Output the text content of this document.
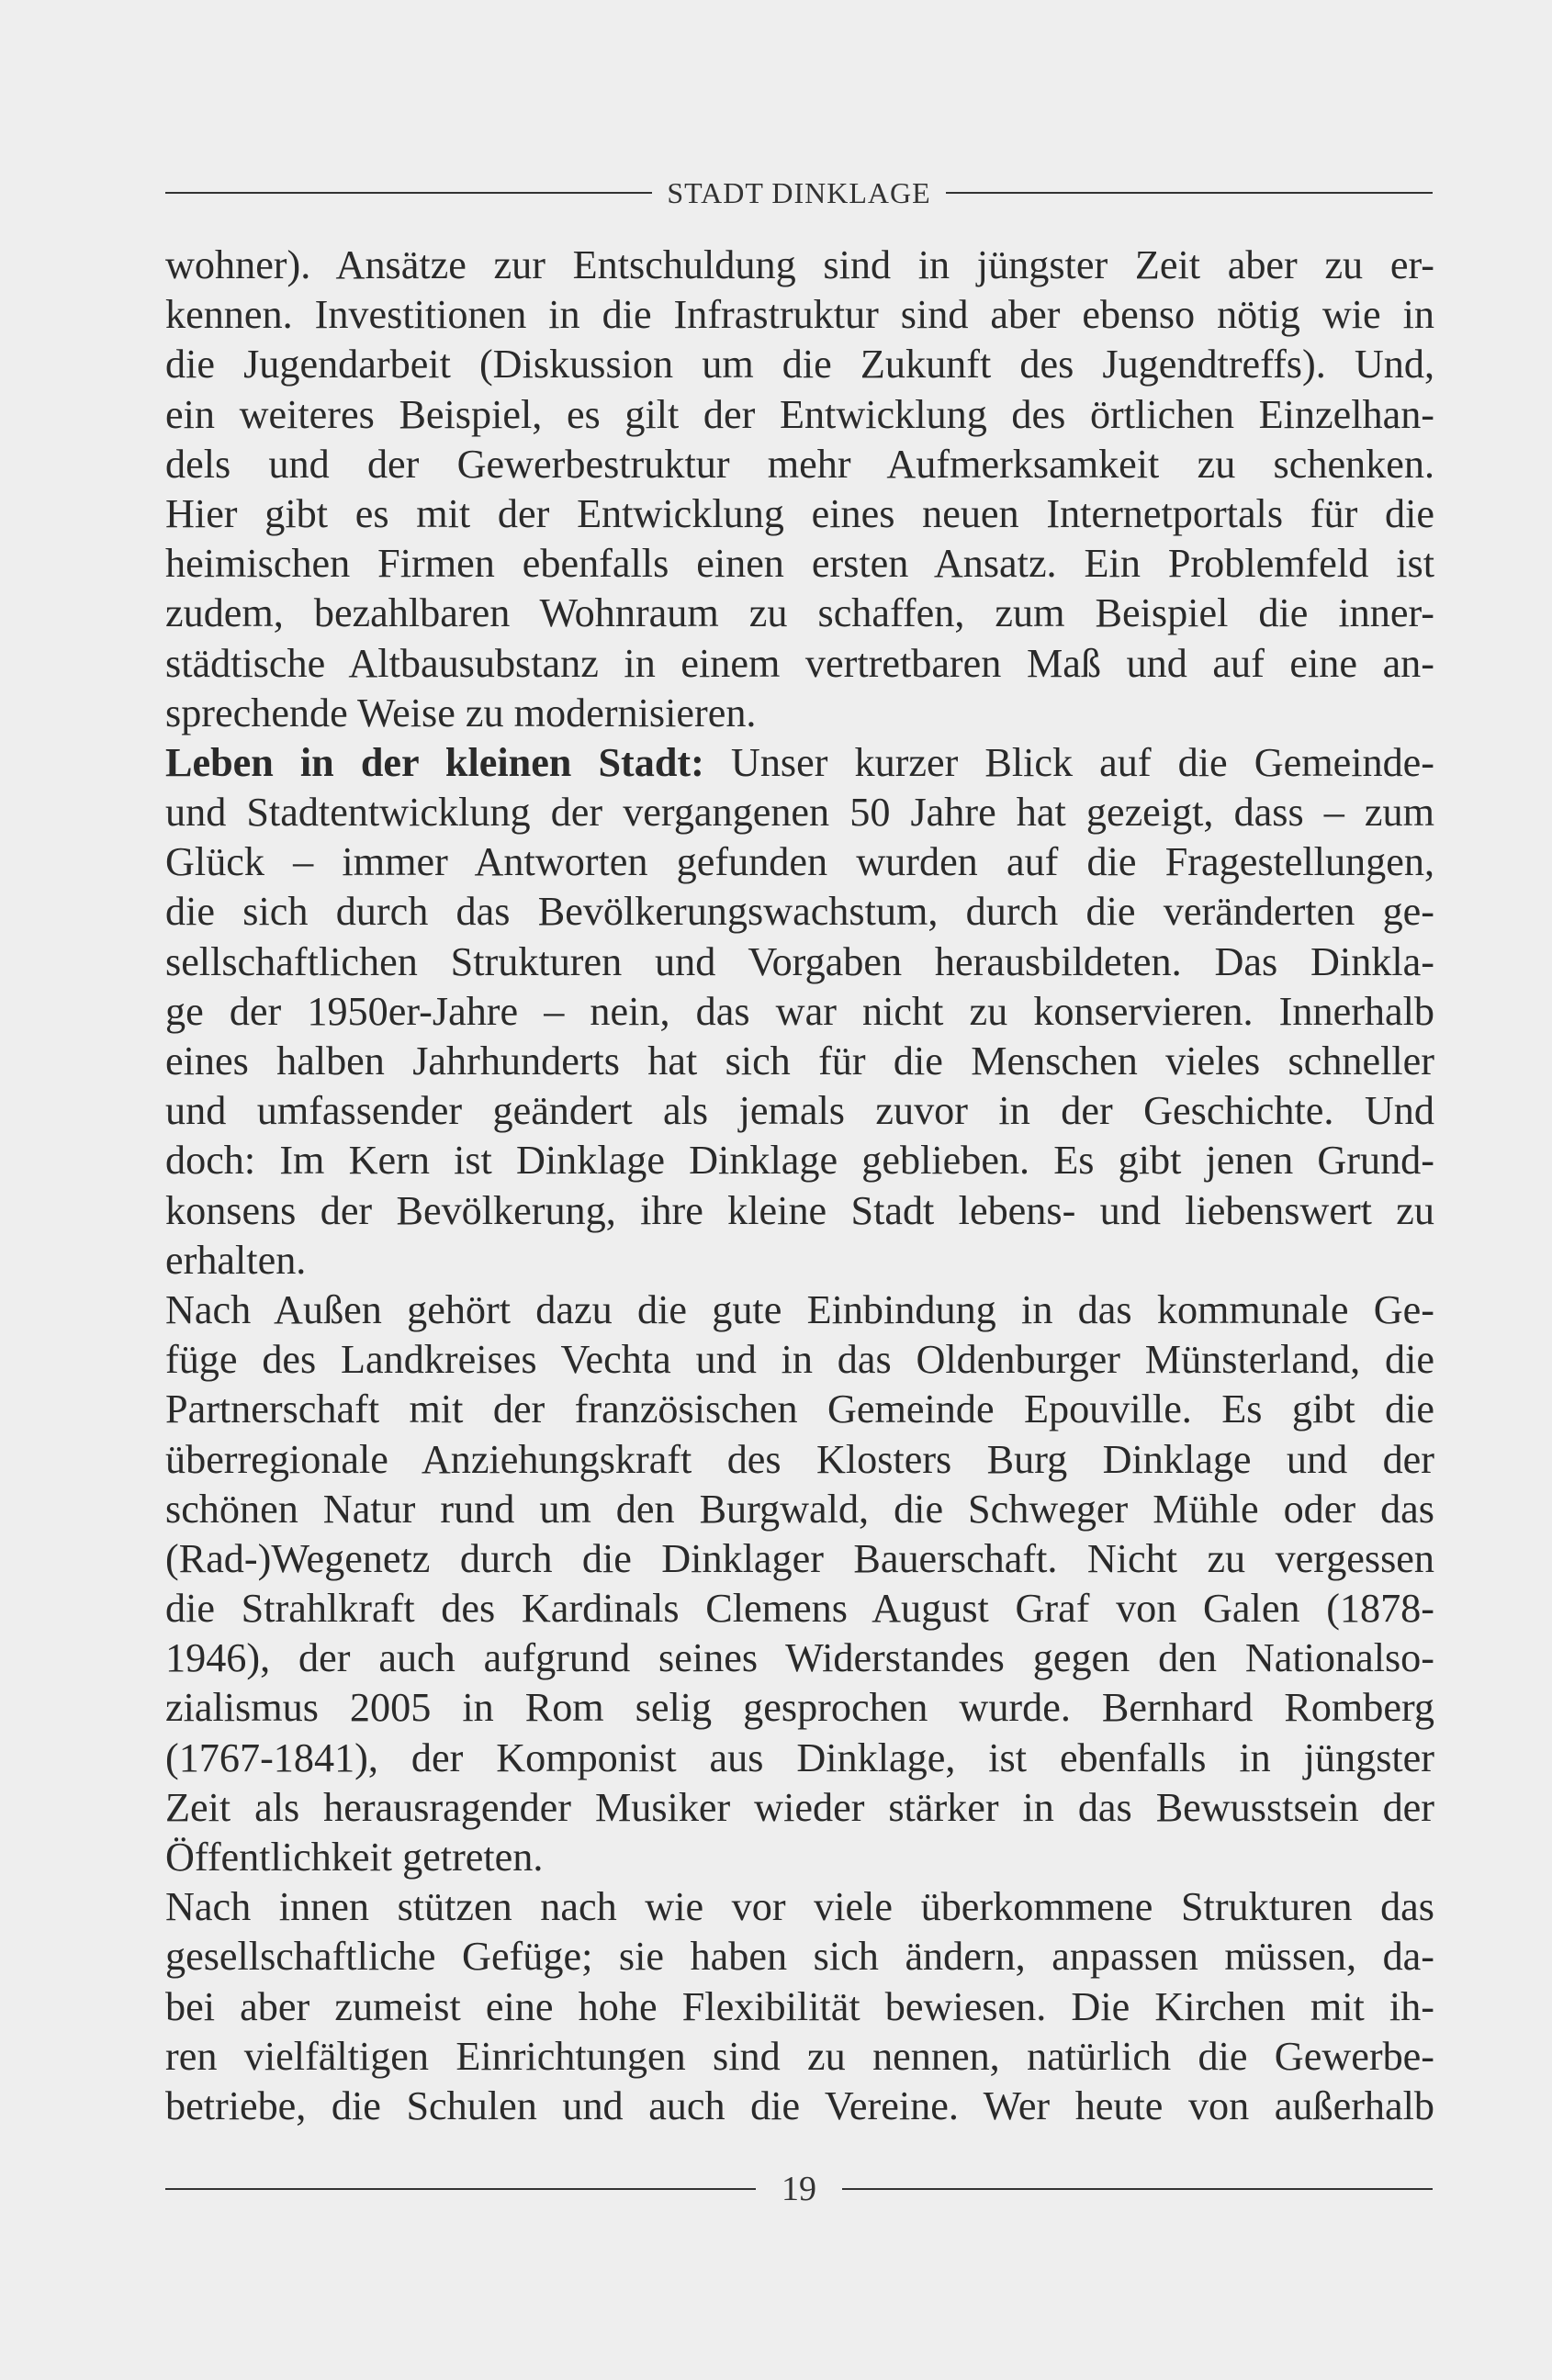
STADT DINKLAGE
wohner). Ansätze zur Entschuldung sind in jüngster Zeit aber zu er-
kennen. Investitionen in die Infrastruktur sind aber ebenso nötig wie in
die Jugendarbeit (Diskussion um die Zukunft des Jugendtreffs). Und,
ein weiteres Beispiel, es gilt der Entwicklung des örtlichen Einzelhan-
dels und der Gewerbestruktur mehr Aufmerksamkeit zu schenken.
Hier gibt es mit der Entwicklung eines neuen Internetportals für die
heimischen Firmen ebenfalls einen ersten Ansatz. Ein Problemfeld ist
zudem, bezahlbaren Wohnraum zu schaffen, zum Beispiel die inner-
städtische Altbausubstanz in einem vertretbaren Maß und auf eine an-
sprechende Weise zu modernisieren.
Leben in der kleinen Stadt: Unser kurzer Blick auf die Gemeinde-
und Stadtentwicklung der vergangenen 50 Jahre hat gezeigt, dass – zum
Glück – immer Antworten gefunden wurden auf die Fragestellungen,
die sich durch das Bevölkerungswachstum, durch die veränderten ge-
sellschaftlichen Strukturen und Vorgaben herausbildeten. Das Dinkla-
ge der 1950er-Jahre – nein, das war nicht zu konservieren. Innerhalb
eines halben Jahrhunderts hat sich für die Menschen vieles schneller
und umfassender geändert als jemals zuvor in der Geschichte. Und
doch: Im Kern ist Dinklage Dinklage geblieben. Es gibt jenen Grund-
konsens der Bevölkerung, ihre kleine Stadt lebens- und liebenswert zu
erhalten.
Nach Außen gehört dazu die gute Einbindung in das kommunale Ge-
füge des Landkreises Vechta und in das Oldenburger Münsterland, die
Partnerschaft mit der französischen Gemeinde Epouville. Es gibt die
überregionale Anziehungskraft des Klosters Burg Dinklage und der
schönen Natur rund um den Burgwald, die Schweger Mühle oder das
(Rad-)Wegenetz durch die Dinklager Bauerschaft. Nicht zu vergessen
die Strahlkraft des Kardinals Clemens August Graf von Galen (1878-
1946), der auch aufgrund seines Widerstandes gegen den Nationalso-
zialismus 2005 in Rom selig gesprochen wurde. Bernhard Romberg
(1767-1841), der Komponist aus Dinklage, ist ebenfalls in jüngster
Zeit als herausragender Musiker wieder stärker in das Bewusstsein der
Öffentlichkeit getreten.
Nach innen stützen nach wie vor viele überkommene Strukturen das
gesellschaftliche Gefüge; sie haben sich ändern, anpassen müssen, da-
bei aber zumeist eine hohe Flexibilität bewiesen. Die Kirchen mit ih-
ren vielfältigen Einrichtungen sind zu nennen, natürlich die Gewerbe-
betriebe, die Schulen und auch die Vereine. Wer heute von außerhalb
19
